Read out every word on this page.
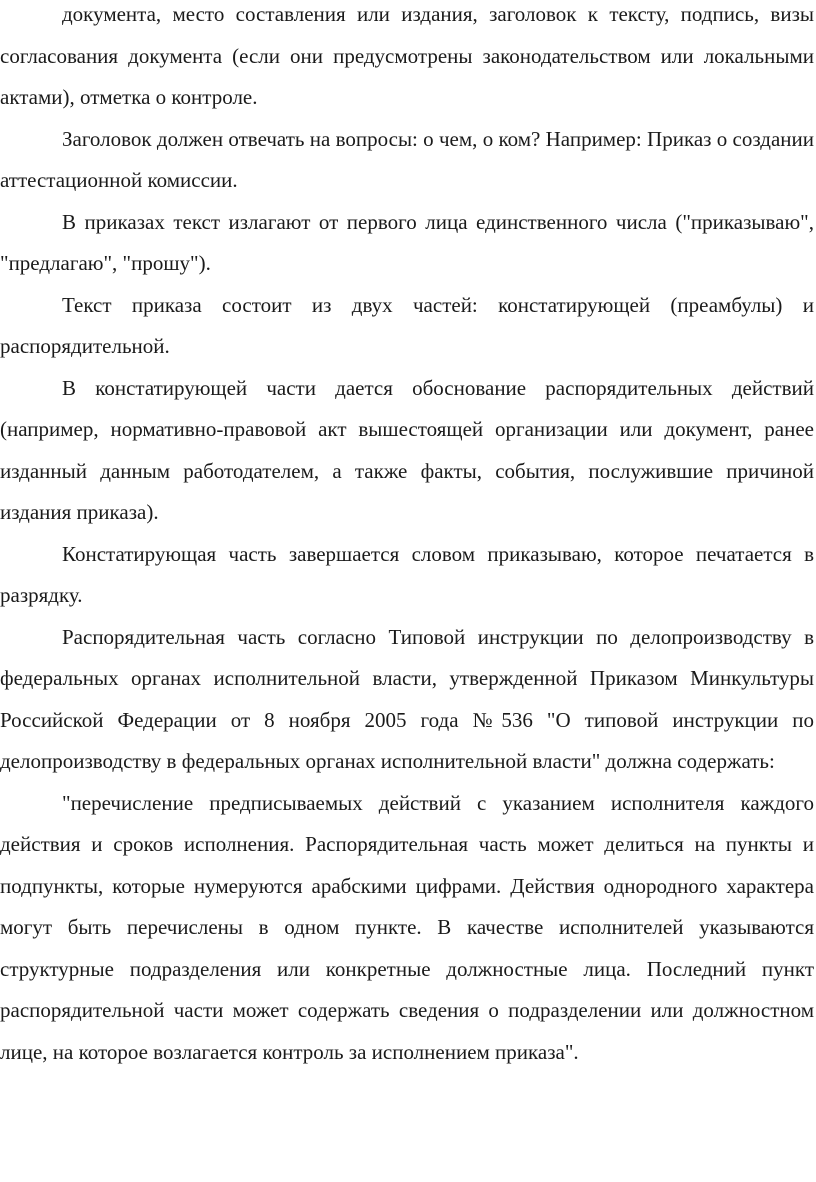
документа, место составления или издания, заголовок к тексту, подпись, визы согласования документа (если они предусмотрены законодательством или локальными актами), отметка о контроле.

Заголовок должен отвечать на вопросы: о чем, о ком? Например: Приказ о создании аттестационной комиссии.

В приказах текст излагают от первого лица единственного числа ("приказываю", "предлагаю", "прошу").

Текст приказа состоит из двух частей: констатирующей (преамбулы) и распорядительной.

В констатирующей части дается обоснование распорядительных действий (например, нормативно-правовой акт вышестоящей организации или документ, ранее изданный данным работодателем, а также факты, события, послужившие причиной издания приказа).

Констатирующая часть завершается словом приказываю, которое печатается в разрядку.

Распорядительная часть согласно Типовой инструкции по делопроизводству в федеральных органах исполнительной власти, утвержденной Приказом Минкультуры Российской Федерации от 8 ноября 2005 года №536 "О типовой инструкции по делопроизводству в федеральных органах исполнительной власти" должна содержать:

"перечисление предписываемых действий с указанием исполнителя каждого действия и сроков исполнения. Распорядительная часть может делиться на пункты и подпункты, которые нумеруются арабскими цифрами. Действия однородного характера могут быть перечислены в одном пункте. В качестве исполнителей указываются структурные подразделения или конкретные должностные лица. Последний пункт распорядительной части может содержать сведения о подразделении или должностном лице, на которое возлагается контроль за исполнением приказа".
